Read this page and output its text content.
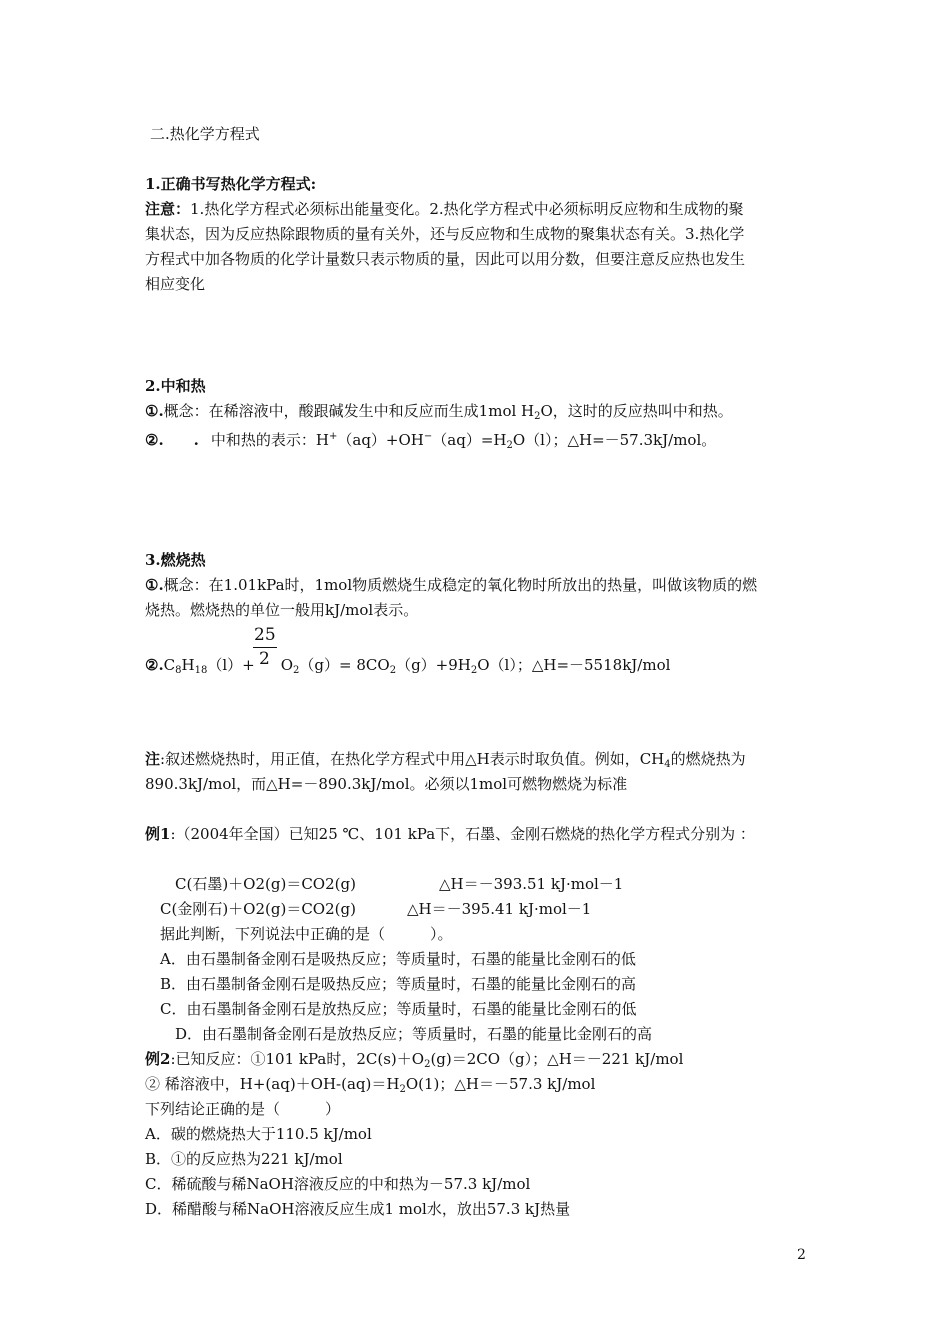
二.热化学方程式
1.正确书写热化学方程式:
注意：1.热化学方程式必须标出能量变化。2.热化学方程式中必须标明反应物和生成物的聚
集状态，因为反应热除跟物质的量有关外，还与反应物和生成物的聚集状态有关。3.热化学
方程式中加各物质的化学计量数只表示物质的量，因此可以用分数，但要注意反应热也发生
相应变化
2.中和热
①.概念：在稀溶液中，酸跟碱发生中和反应而生成1mol $H_2O$，这时的反应热叫中和热。
②. . 中和热的表示：$H^+(aq)+OH^-(aq)=H_2O(l)$；△H=－57.3kJ/mol。
3.燃烧热
①.概念：在1.01kPa时，1mol物质燃烧生成稳定的氧化物时所放出的热量，叫做该物质的燃
烧热。燃烧热的单位一般用kJ/mol表示。
25
2
$②.C_8H_{18}(l)+ O_2(g)= 8CO_2(g)+9H_2O(l)$；△H=－5518kJ/mol
注:叙述燃烧热时，用正值，在热化学方程式中用△H表示时取负值。例如，$CH_4$的燃烧热为
890.3kJ/mol，而△H=－890.3kJ/mol。必须以1mol可燃物燃烧为标准
例1:（2004年全国）已知25 ℃、101 kPa下，石墨、金刚石燃烧的热化学方程式分别为 ：
C(石墨)＋O2(g)＝CO2(g)	△H＝－393.51 kJ·mol－1
C(金刚石)＋O2(g)＝CO2(g)	△H＝－395.41 kJ·mol－1
据此判断，下列说法中正确的是（　　　）。
A．由石墨制备金刚石是吸热反应；等质量时，石墨的能量比金刚石的低
B．由石墨制备金刚石是吸热反应；等质量时，石墨的能量比金刚石的高
C．由石墨制备金刚石是放热反应；等质量时，石墨的能量比金刚石的低
D．由石墨制备金刚石是放热反应；等质量时，石墨的能量比金刚石的高
例2:已知反应：①101 kPa时，$2C(s)+O_2(g)=2CO(g)$；△H＝－221 kJ/mol
② 稀溶液中，$H+(aq)+OH-(aq)=H_2O(1)$；△H＝－57.3 kJ/mol
下列结论正确的是（　　　）
A．碳的燃烧热大于110.5 kJ/mol
B．①的反应热为221 kJ/mol
C．稀硫酸与稀NaOH溶液反应的中和热为－57.3 kJ/mol
D．稀醋酸与稀NaOH溶液反应生成1 mol水，放出57.3 kJ热量
2
